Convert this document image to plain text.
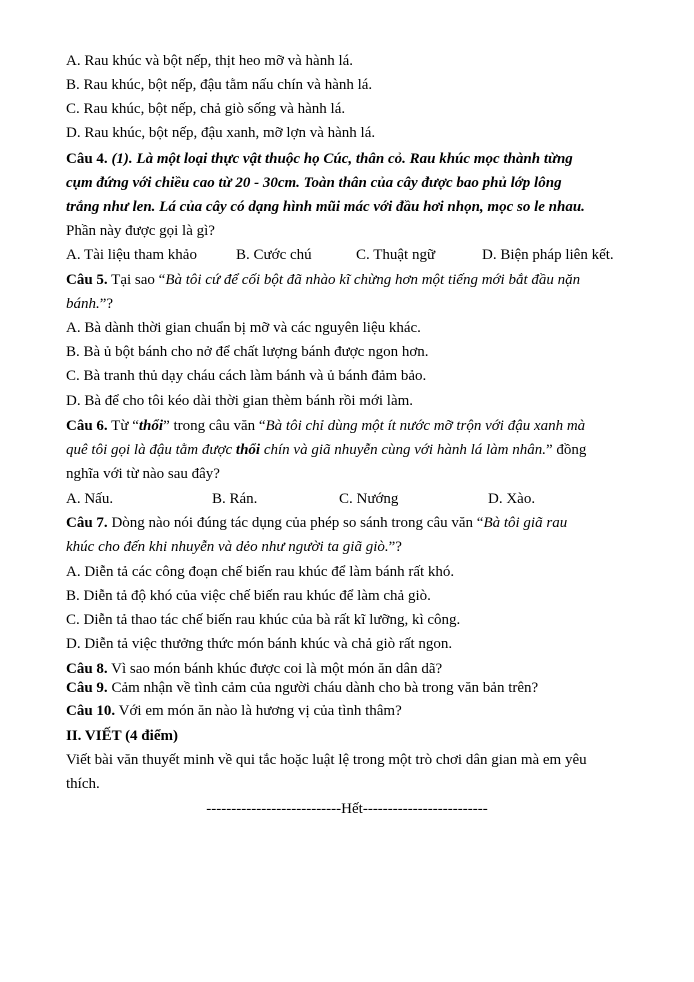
A. Rau khúc và bột nếp, thịt heo mỡ và hành lá.
B. Rau khúc, bột nếp, đậu tằm nấu chín và hành lá.
C. Rau khúc, bột nếp, chả giò sống và hành lá.
D. Rau khúc, bột nếp, đậu xanh, mỡ lợn và hành lá.
Câu 4. (1). Là một loại thực vật thuộc họ Cúc, thân cỏ. Rau khúc mọc thành từng
cụm đứng với chiều cao từ 20 - 30cm. Toàn thân của cây được bao phủ lớp lông
trắng như len. Lá của cây có dạng hình mũi mác với đầu hơi nhọn, mọc so le nhau.
Phần này được gọi là gì?
A. Tài liệu tham khảo	B. Cước chú	C. Thuật ngữ	D. Biện pháp liên kết.
Câu 5. Tại sao “Bà tôi cứ để cối bột đã nhào kĩ chừng hơn một tiếng mới bắt đầu nặn
bánh.”?
A. Bà dành thời gian chuẩn bị mỡ và các nguyên liệu khác.
B. Bà ủ bột bánh cho nở để chất lượng bánh được ngon hơn.
C. Bà tranh thủ dạy cháu cách làm bánh và ủ bánh đảm bảo.
D. Bà để cho tôi kéo dài thời gian thèm bánh rồi mới làm.
Câu 6. Từ “thổi” trong câu văn “Bà tôi chỉ dùng một ít nước mỡ trộn với đậu xanh mà
quê tôi gọi là đậu tằm được thổi chín và giã nhuyễn cùng với hành lá làm nhân.” đồng
nghĩa với từ nào sau đây?
A. Nấu.	B. Rán.	C. Nướng	D. Xào.
Câu 7. Dòng nào nói đúng tác dụng của phép so sánh trong câu văn “Bà tôi giã rau
khúc cho đến khi nhuyễn và dẻo như người ta giã giò.”?
A. Diễn tả các công đoạn chế biến rau khúc để làm bánh rất khó.
B. Diễn tả độ khó của việc chế biến rau khúc để làm chả giò.
C. Diễn tả thao tác chế biến rau khúc của bà rất kĩ lưỡng, kì công.
D. Diễn tả việc thưởng thức món bánh khúc và chả giò rất ngon.
Câu 8. Vì sao món bánh khúc được coi là một món ăn dân dã?
Câu 9. Cảm nhận về tình cảm của người cháu dành cho bà trong văn bản trên?
Câu 10. Với em món ăn nào là hương vị của tình thâm?
II. VIẾT (4 điểm)
Viết bài văn thuyết minh về qui tắc hoặc luật lệ trong một trò chơi dân gian mà em yêu
thích.
---------------------------Hết-------------------------
